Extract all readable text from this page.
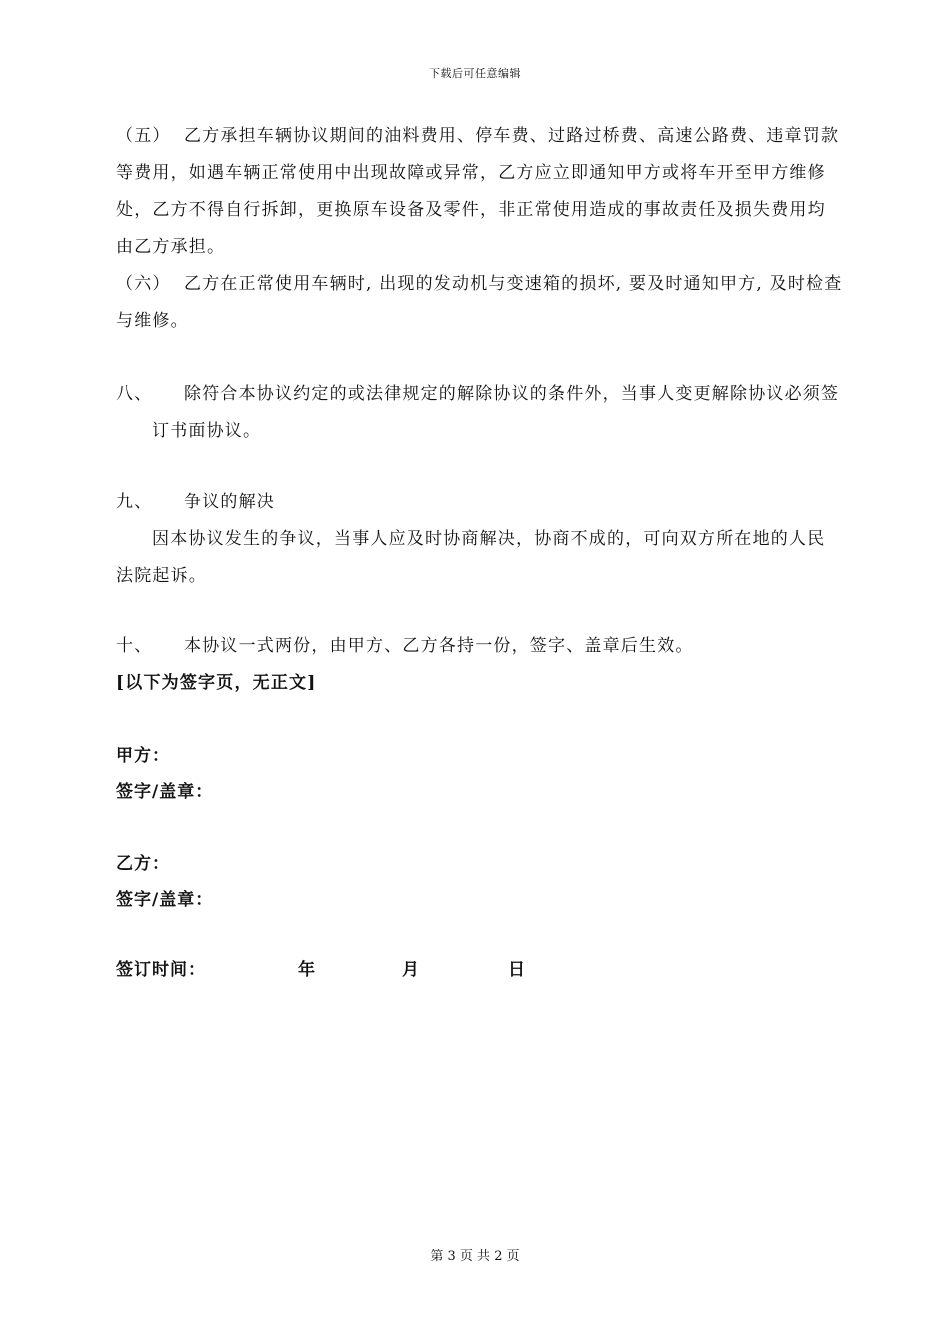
下载后可任意编辑
（五） 乙方承担车辆协议期间的油料费用、停车费、过路过桥费、高速公路费、违章罚款
等费用，如遇车辆正常使用中出现故障或异常，乙方应立即通知甲方或将车开至甲方维修
处，乙方不得自行拆卸，更换原车设备及零件，非正常使用造成的事故责任及损失费用均
由乙方承担。
（六） 乙方在正常使用车辆时, 出现的发动机与变速箱的损坏, 要及时通知甲方, 及时检查
与维修。
八、	除符合本协议约定的或法律规定的解除协议的条件外，当事人变更解除协议必须签
订书面协议。
九、	争议的解决
因本协议发生的争议，当事人应及时协商解决，协商不成的，可向双方所在地的人民
法院起诉。
十、	本协议一式两份，由甲方、乙方各持一份，签字、盖章后生效。
[以下为签字页，无正文]
甲方：
签字/盖章：
乙方：
签字/盖章：
签订时间：	年	月	日
第 3 页 共 2 页
